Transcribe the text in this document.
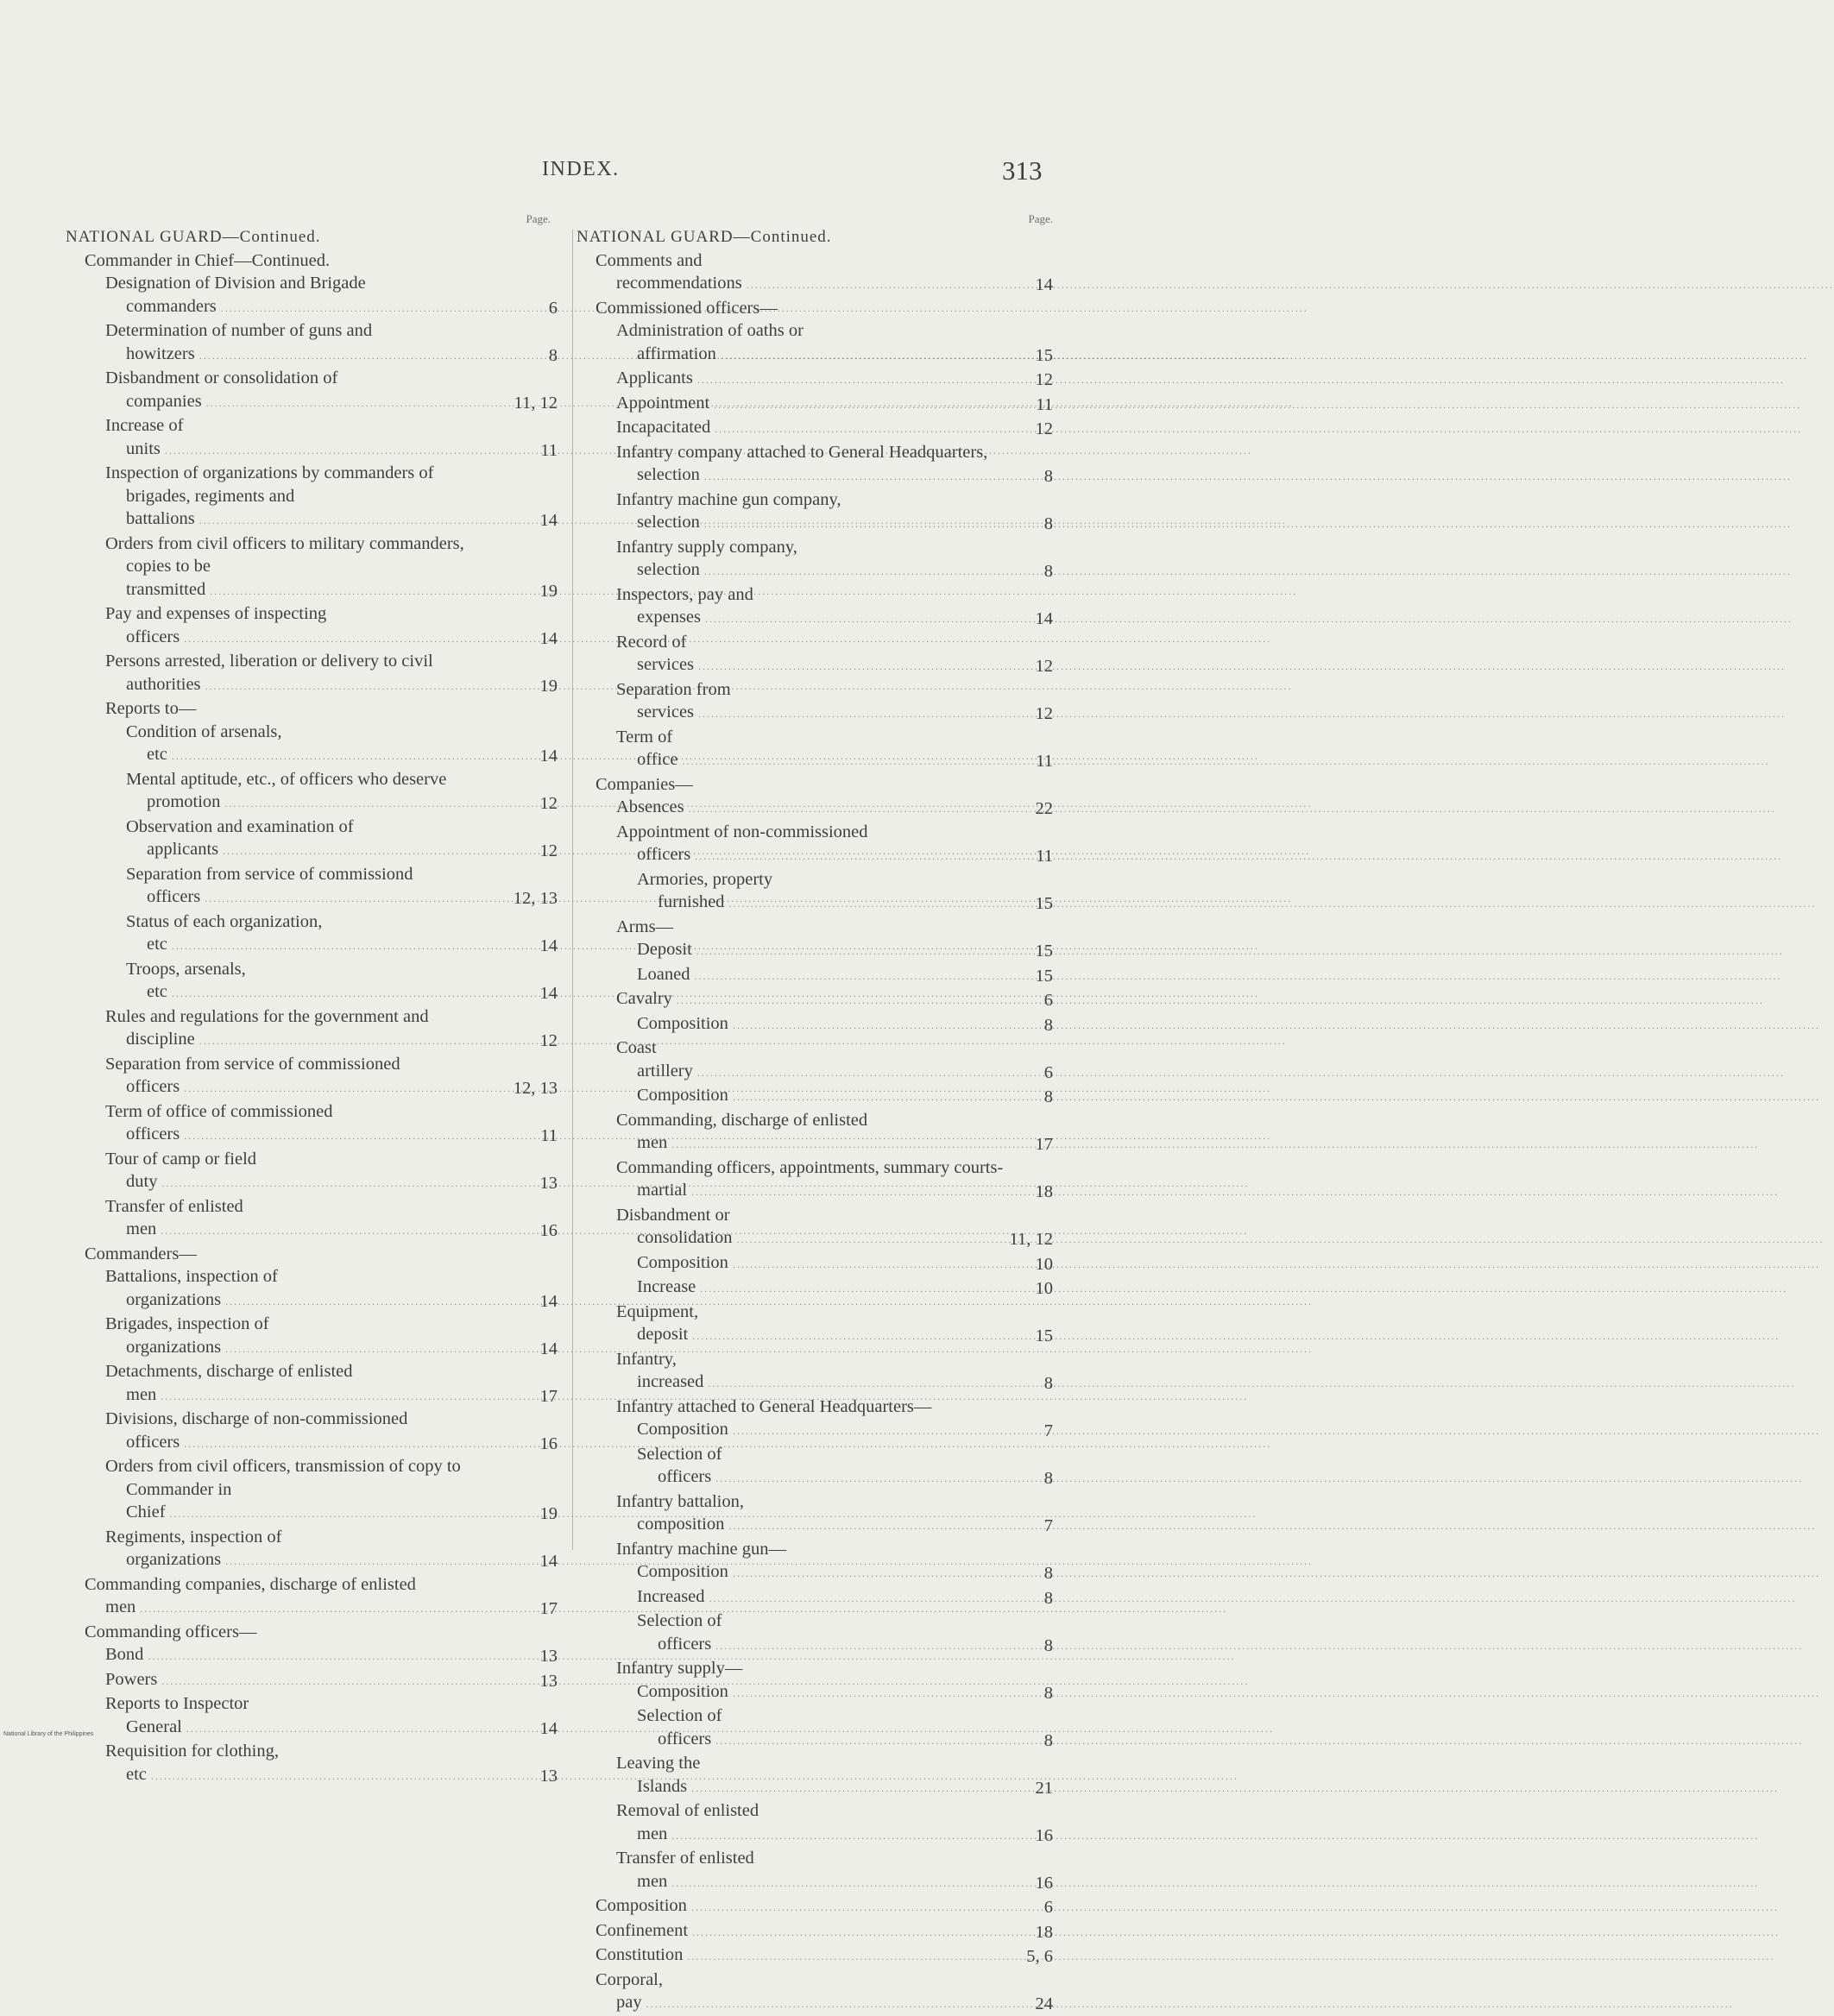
INDEX.	313
Page.
NATIONAL GUARD—Continued.
Commander in Chief—Continued.
Designation of Division and Brigade commanders .....	6
Determination of number of guns and howitzers .....	8
Disbandment or consolidation of companies .....	11, 12
Increase of units .....	11
Inspection of organizations by commanders of brigades, regiments and battalions .....	14
Orders from civil officers to military commanders, copies to be transmitted .....	19
Pay and expenses of inspecting officers .....	14
Persons arrested, liberation or delivery to civil authorities .....	19
Reports to—
Condition of arsenals, etc .....	14
Mental aptitude, etc., of officers who deserve promotion .....	12
Observation and examination of applicants .....	12
Separation from service of commissiond officers .....	12, 13
Status of each organization, etc .....	14
Troops, arsenals, etc .....	14
Rules and regulations for the government and discipline .....	12
Separation from service of commissioned officers .....	12, 13
Term of office of commissioned officers .....	11
Tour of camp or field duty .....	13
Transfer of enlisted men .....	16
Commanders—
Battalions, inspection of organizations .....	14
Brigades, inspection of organizations .....	14
Detachments, discharge of enlisted men .....	17
Divisions, discharge of non-commissioned officers .....	16
Orders from civil officers, transmission of copy to Commander in Chief .....	19
Regiments, inspection of organizations .....	14
Commanding companies, discharge of enlisted men .....	17
Commanding officers—
Bond .....	13
Powers .....	13
Reports to Inspector General .....	14
Requisition for clothing, etc .....	13
Page.
NATIONAL GUARD—Continued.
Comments and recommendations .....	14
Commissioned officers—
Administration of oaths or affirmation .....	15
Applicants .....	12
Appointment .....	11
Incapacitated .....	12
Infantry company attached to General Headquarters, selection .....	8
Infantry machine gun company, selection .....	8
Infantry supply company, selection .....	8
Inspectors, pay and expenses .....	14
Record of services .....	12
Separation from services .....	12
Term of office .....	11
Companies—
Absences .....	22
Appointment of non-commissioned officers .....	11
Armories, property furnished .....	15
Arms—
Deposit .....	15
Loaned .....	15
Cavalry .....	6
Composition .....	8
Coast artillery .....	6
Composition .....	8
Commanding, discharge of enlisted men .....	17
Commanding officers, appointments, summary courts-martial .....	18
Disbandment or consolidation .....	11, 12
Composition .....	10
Increase .....	10
Equipment, deposit .....	15
Infantry, increased .....	8
Infantry attached to General Headquarters—
Composition .....	7
Selection of officers .....	8
Infantry battalion, composition .....	7
Infantry machine gun—
Composition .....	8
Increased .....	8
Selection of officers .....	8
Infantry supply—
Composition .....	8
Selection of officers .....	8
Leaving the Islands .....	21
Removal of enlisted men .....	16
Transfer of enlisted men .....	16
Composition .....	6
Confinement .....	18
Constitution .....	5, 6
Corporal, pay .....	24
National Library of the Philippines
